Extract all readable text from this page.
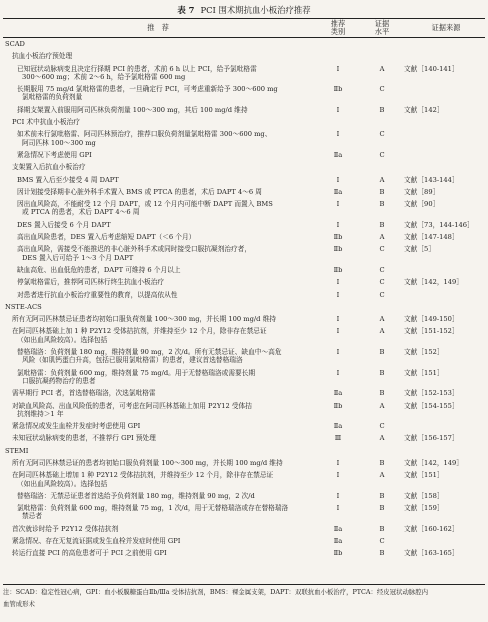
表 7 PCI 围术期抗血小板治疗推荐
推　荐	推荐
类别
证据
水平	证据来源
SCAD
抗血小板治疗预处理
已知冠状动脉病变且决定行择期 PCI 的患者，术前 6 h 以上 PCI，给予氯吡格雷
300～600 mg；术前 2～6 h，给予氯吡格雷 600 mg
Ⅰ	A	文献［140-141］
长期服用 75 mg/d 氯吡格雷的患者，一旦确定行 PCI，可考虑重新给予 300～600 mg
氯吡格雷的负荷剂量
Ⅱb	C
择期支架置入前服用阿司匹林负荷剂量 100～300 mg，其后 100 mg/d 维持	Ⅰ	B	文献［142］
PCI 术中抗血小板治疗
如术前未行氯吡格雷、阿司匹林预治疗，推荐口服负荷剂量氯吡格雷 300～600 mg、
阿司匹林 100～300 mg
Ⅰ	C
紧急情况下考虑使用 GPI	Ⅱa	C
支架置入后抗血小板治疗
BMS 置入后至少接受 4 周 DAPT	Ⅰ	A	文献［143-144］
因计划接受择期非心脏外科手术置入 BMS 或 PTCA 的患者，术后 DAPT 4～6 周	Ⅱa	B	文献［89］
因出血风险高，不能耐受 12 个月 DAPT，或 12 个月内可能中断 DAPT 而置入 BMS
或 PTCA 的患者，术后 DAPT 4～6 周
Ⅰ	B	文献［90］
DES 置入后接受 6 个月 DAPT	Ⅰ	B	文献［73，144-146］
高出血风险患者，DES 置入后考虑缩短 DAPT（＜6 个月）	Ⅱb	A	文献［147-148］
高出血风险，需接受不能推迟的非心脏外科手术或同时接受口服抗凝剂治疗者，
DES 置入后可给予 1～3 个月 DAPT
Ⅱb	C	文献［5］
缺血高危、出血低危的患者，DAPT 可维持 6 个月以上	Ⅱb	C
停氯吡格雷后，推荐阿司匹林行终生抗血小板治疗	Ⅰ	C	文献［142，149］
对患者进行抗血小板治疗重要性的教育，以提高依从性	Ⅰ	C
NSTE-ACS
所有无阿司匹林禁忌证患者均初始口服负荷剂量 100～300 mg，并长期 100 mg/d 维持	Ⅰ	A	文献［149-150］
在阿司匹林基础上加 1 种 P2Y12 受体拮抗剂，并维持至少 12 个月，除非存在禁忌证
（如出血风险较高）。选择包括
Ⅰ	A	文献［151-152］
替格瑞洛：负荷剂量 180 mg，维持剂量 90 mg，2 次/d。所有无禁忌证、缺血中～高危
风险（如肌钙蛋白升高，包括已服用氯吡格雷）的患者，建议首选替格瑞洛
Ⅰ	B	文献［152］
氯吡格雷：负荷剂量 600 mg，维持剂量 75 mg/d。用于无替格瑞洛或需要长期
口服抗凝药物治疗的患者
Ⅰ	B	文献［151］
需早期行 PCI 者，首选替格瑞洛，次选氯吡格雷	Ⅱa	B	文献［152-153］
对缺血风险高、出血风险低的患者，可考虑在阿司匹林基础上加用 P2Y12 受体拮
抗剂维持＞1 年
Ⅱb	A	文献［154-155］
紧急情况或发生血栓并发症时考虑使用 GPI	Ⅱa	C
未知冠状动脉病变的患者，不推荐行 GPI 预处理	Ⅲ	A	文献［156-157］
STEMI
所有无阿司匹林禁忌证的患者均初始口服负荷剂量 100～300 mg，并长期 100 mg/d 维持	Ⅰ	B	文献［142，149］
在阿司匹林基础上增加 1 种 P2Y12 受体拮抗剂，并维持至少 12 个月，除非存在禁忌证
（如出血风险较高）。选择包括
Ⅰ	A	文献［151］
替格瑞洛：无禁忌证患者首选给予负荷剂量 180 mg，维持剂量 90 mg，2 次/d	Ⅰ	B	文献［158］
氯吡格雷：负荷剂量 600 mg，维持剂量 75 mg，1 次/d，用于无替格瑞洛或存在替格瑞洛
禁忌者
Ⅰ	B	文献［159］
首次就诊时给予 P2Y12 受体拮抗剂	Ⅱa	B	文献［160-162］
紧急情况、存在无复流证据或发生血栓并发症时使用 GPI	Ⅱa	C
转运行直接 PCI 的高危患者可于 PCI 之前使用 GPI	Ⅱb	B	文献［163-165］
注：SCAD：稳定性冠心病，GPI：血小板膜糖蛋白Ⅱb/Ⅲa 受体拮抗剂，BMS：裸金属支架，DAPT：双联抗血小板治疗，PTCA：经皮冠状动脉腔内
血管成形术
